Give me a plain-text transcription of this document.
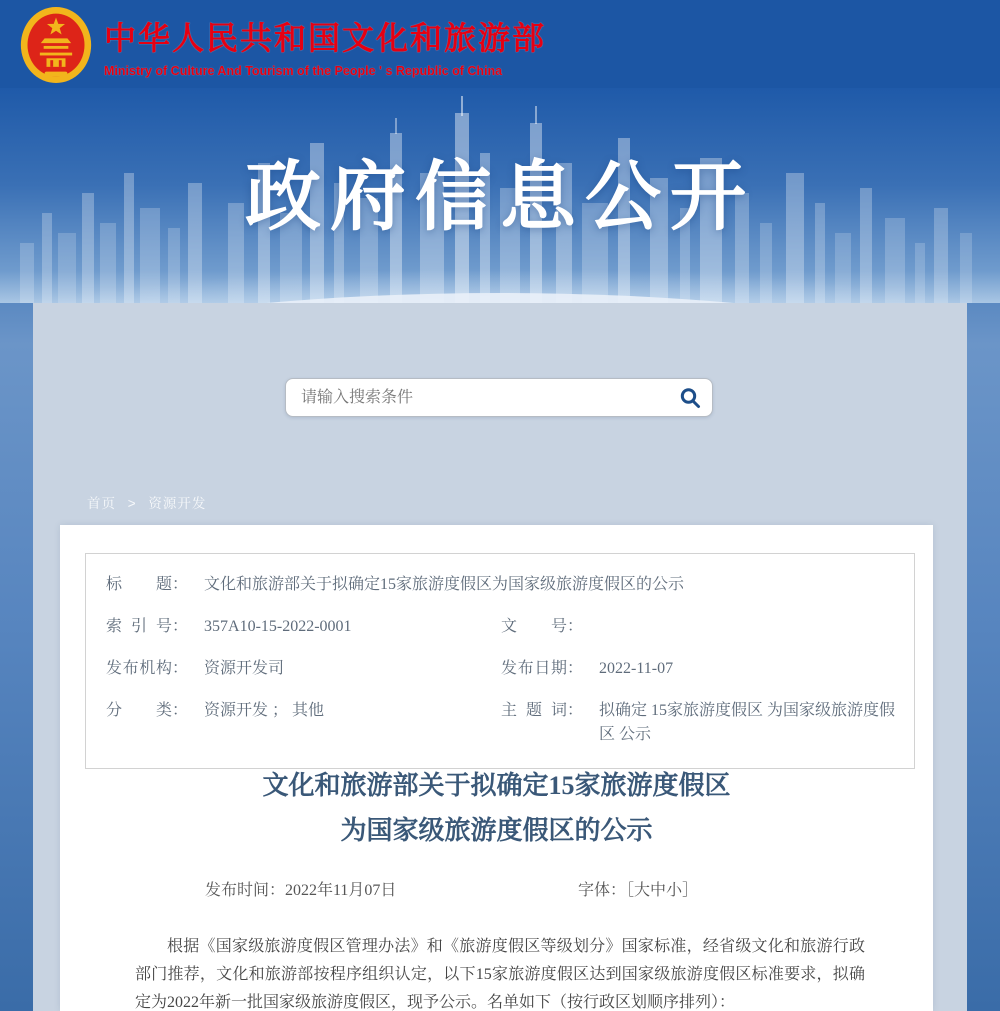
中华人民共和国文化和旅游部
Ministry of Culture And Tourism of the People ' s Republic of China
政府信息公开
请输入搜索条件
首页 > 资源开发
标题 ： 文化和旅游部关于拟确定15家旅游度假区为国家级旅游度假区的公示
索引号 ： 357A10-15-2022-0001	文号 ：
发布机构 ： 资源开发司	发布日期 ： 2022-11-07
分类 ： 资源开发 ； 其他	主题词 ： 拟确定 15家旅游度假区 为国家级旅游度假区 公示
文化和旅游部关于拟确定15家旅游度假区
为国家级旅游度假区的公示
发布时间：2022年11月07日	字体：［大中小］

根据《国家级旅游度假区管理办法》和《旅游度假区等级划分》国家标准，经省级文化和旅游行政部门推荐，文化和旅游部按程序组织认定，以下15家旅游度假区达到国家级旅游度假区标准要求，拟确定为2022年新一批国家级旅游度假区，现予公示。名单如下（按行政区划顺序排列）：
